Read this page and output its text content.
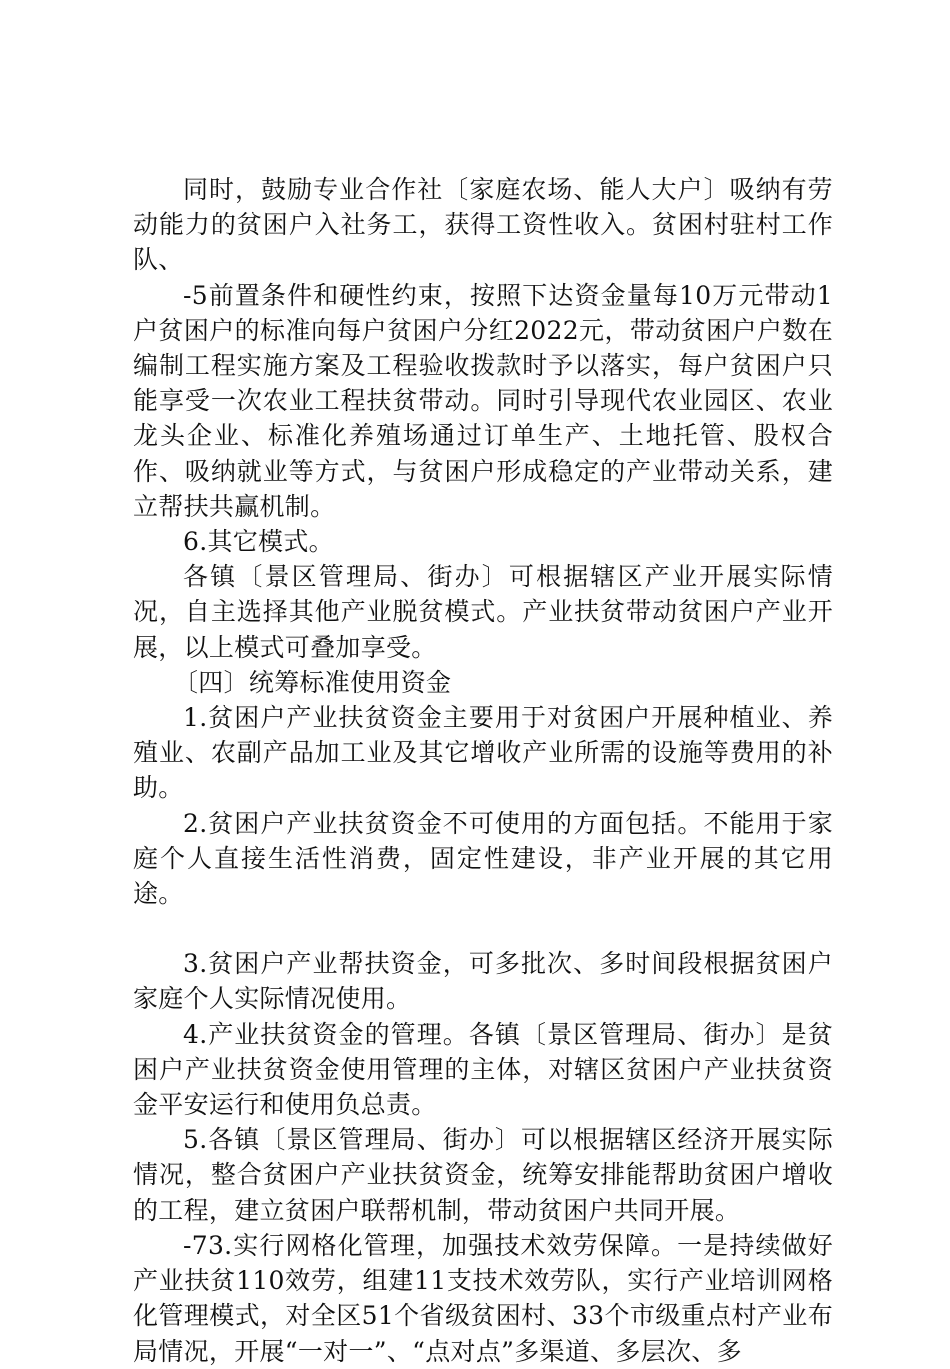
同时，鼓励专业合作社〔家庭农场、能人大户〕吸纳有劳动能力的贫困户入社务工，获得工资性收入。贫困村驻村工作队、

-5前置条件和硬性约束，按照下达资金量每10万元带动1户贫困户的标准向每户贫困户分红2022元，带动贫困户户数在编制工程实施方案及工程验收拨款时予以落实，每户贫困户只能享受一次农业工程扶贫带动。同时引导现代农业园区、农业龙头企业、标准化养殖场通过订单生产、土地托管、股权合作、吸纳就业等方式，与贫困户形成稳定的产业带动关系，建立帮扶共赢机制。

6.其它模式。

各镇〔景区管理局、街办〕可根据辖区产业开展实际情况，自主选择其他产业脱贫模式。产业扶贫带动贫困户产业开展，以上模式可叠加享受。

〔四〕统筹标准使用资金

1.贫困户产业扶贫资金主要用于对贫困户开展种植业、养殖业、农副产品加工业及其它增收产业所需的设施等费用的补助。

2.贫困户产业扶贫资金不可使用的方面包括。不能用于家庭个人直接生活性消费，固定性建设，非产业开展的其它用途。

3.贫困户产业帮扶资金，可多批次、多时间段根据贫困户家庭个人实际情况使用。

4.产业扶贫资金的管理。各镇〔景区管理局、街办〕是贫困户产业扶贫资金使用管理的主体，对辖区贫困户产业扶贫资金平安运行和使用负总责。

5.各镇〔景区管理局、街办〕可以根据辖区经济开展实际情况，整合贫困户产业扶贫资金，统筹安排能帮助贫困户增收的工程，建立贫困户联帮机制，带动贫困户共同开展。

-73.实行网格化管理，加强技术效劳保障。一是持续做好产业扶贫110效劳，组建11支技术效劳队，实行产业培训网格化管理模式，对全区51个省级贫困村、33个市级重点村产业布局情况，开展“一对一”、“点对点”多渠道、多层次、多
